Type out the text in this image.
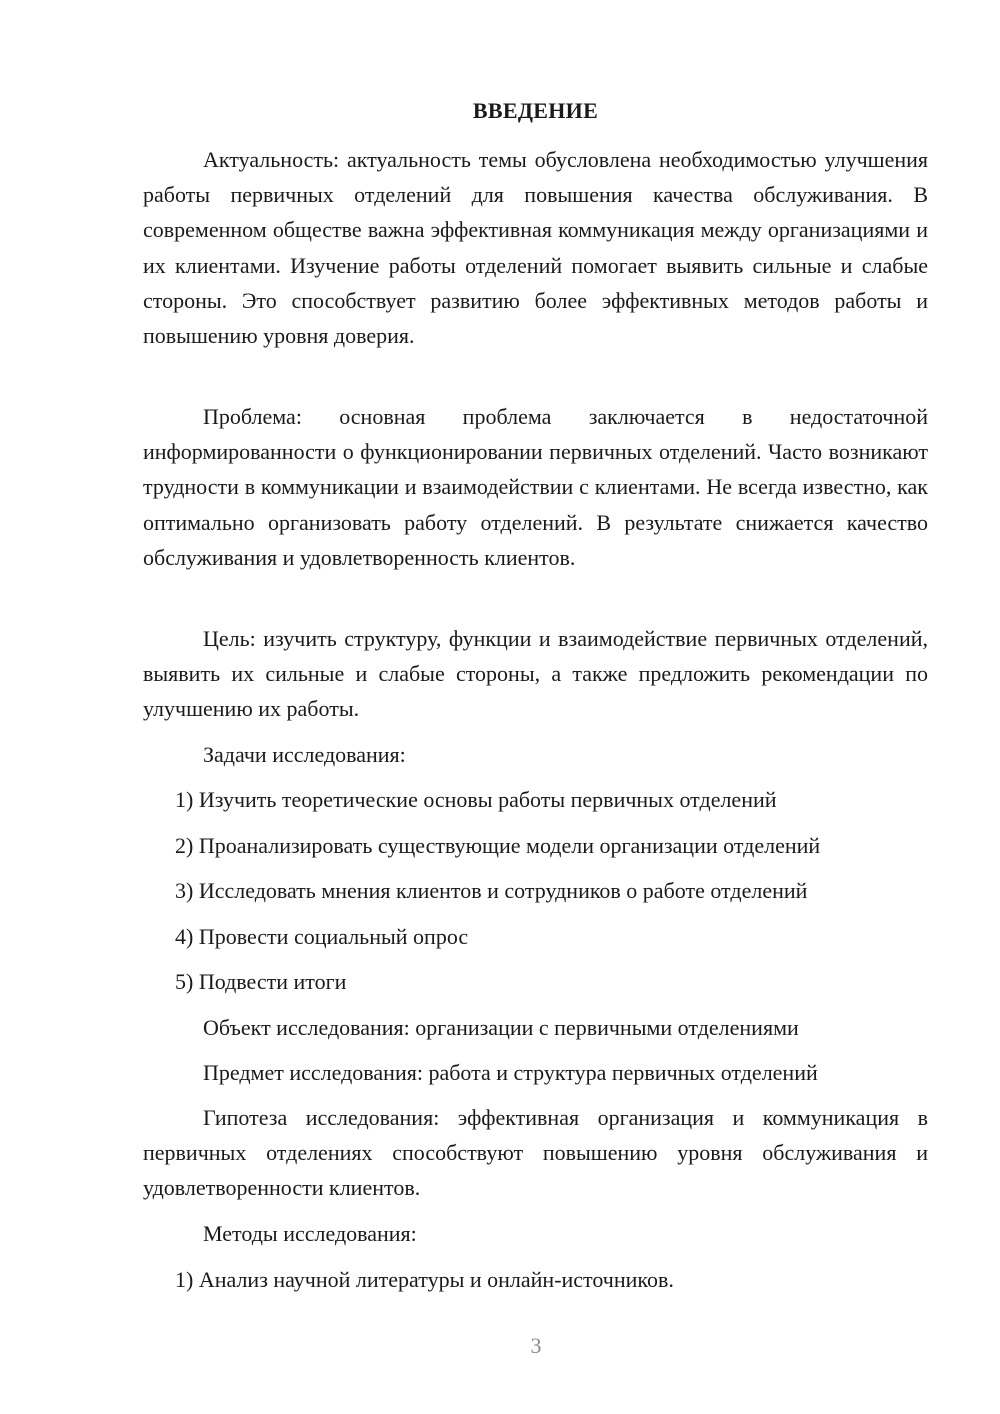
ВВЕДЕНИЕ
Актуальность: актуальность темы обусловлена необходимостью улучшения работы первичных отделений для повышения качества обслуживания. В современном обществе важна эффективная коммуникация между организациями и их клиентами. Изучение работы отделений помогает выявить сильные и слабые стороны. Это способствует развитию более эффективных методов работы и повышению уровня доверия.
Проблема: основная проблема заключается в недостаточной информированности о функционировании первичных отделений. Часто возникают трудности в коммуникации и взаимодействии с клиентами. Не всегда известно, как оптимально организовать работу отделений. В результате снижается качество обслуживания и удовлетворенность клиентов.
Цель: изучить структуру, функции и взаимодействие первичных отделений, выявить их сильные и слабые стороны, а также предложить рекомендации по улучшению их работы.
Задачи исследования:
1) Изучить теоретические основы работы первичных отделений
2) Проанализировать существующие модели организации отделений
3) Исследовать мнения клиентов и сотрудников о работе отделений
4) Провести социальный опрос
5) Подвести итоги
Объект исследования: организации с первичными отделениями
Предмет исследования: работа и структура первичных отделений
Гипотеза исследования: эффективная организация и коммуникация в первичных отделениях способствуют повышению уровня обслуживания и удовлетворенности клиентов.
Методы исследования:
1) Анализ научной литературы и онлайн-источников.
3
